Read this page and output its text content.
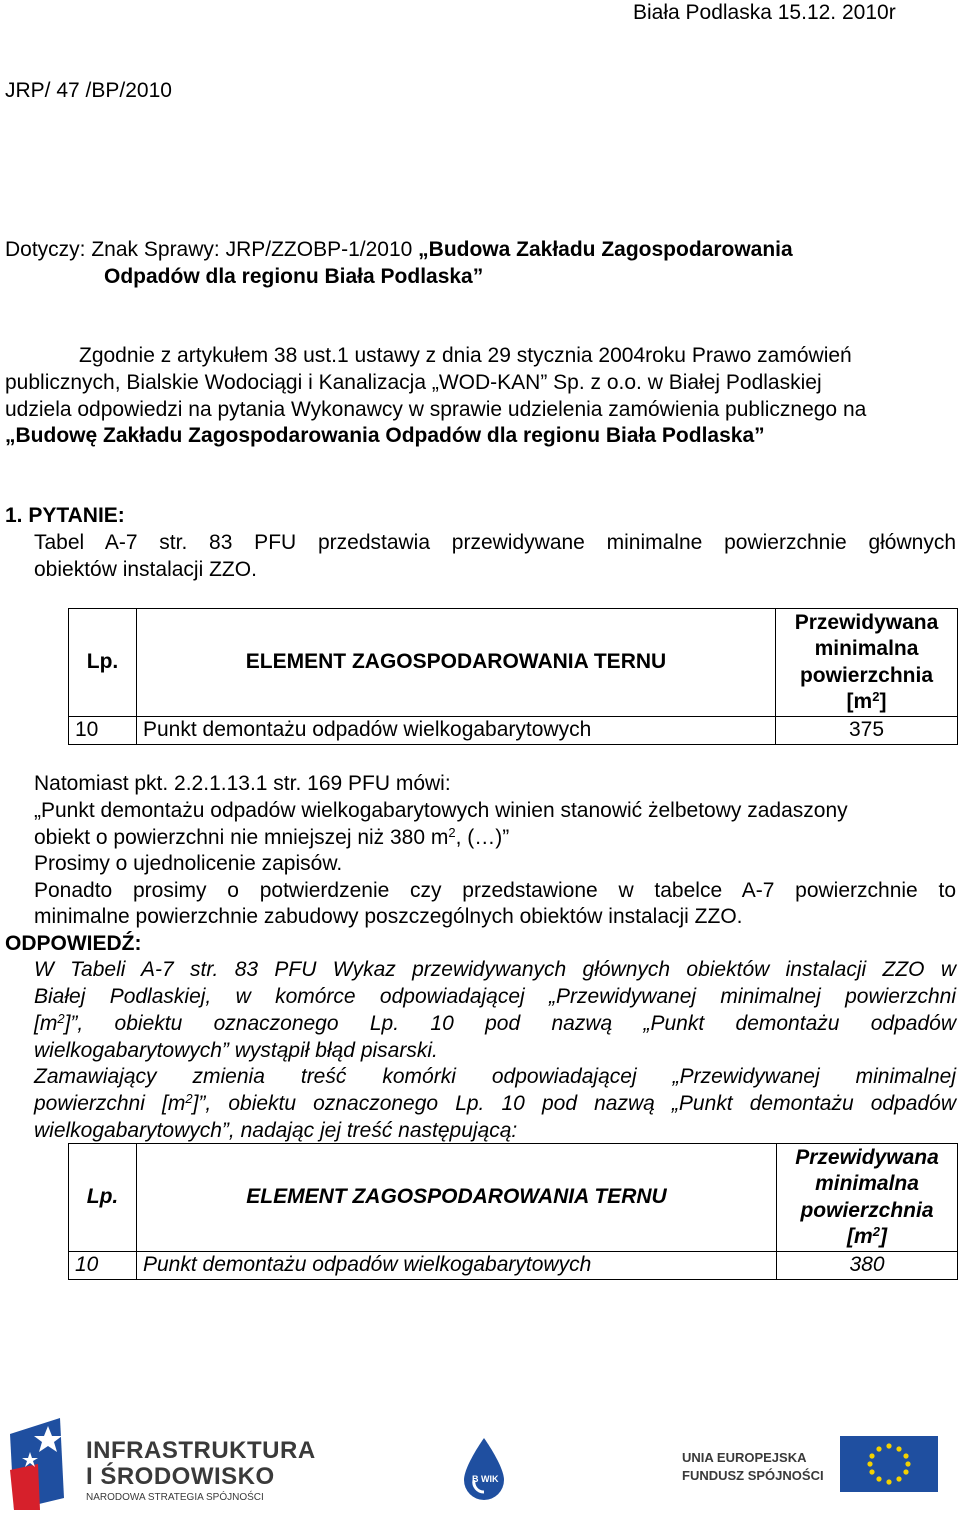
Biała Podlaska 15.12. 2010r
JRP/ 47 /BP/2010
Dotyczy: Znak Sprawy: JRP/ZZOBP-1/2010 „Budowa Zakładu Zagospodarowania
Odpadów dla regionu Biała Podlaska”
Zgodnie z artykułem 38 ust.1 ustawy z dnia 29 stycznia 2004roku Prawo zamówień
publicznych, Bialskie Wodociągi i Kanalizacja „WOD-KAN” Sp. z o.o. w Białej Podlaskiej
udziela odpowiedzi na pytania Wykonawcy w sprawie udzielenia zamówienia publicznego na
„Budowę Zakładu Zagospodarowania Odpadów dla regionu Biała Podlaska”
1. PYTANIE:
Tabel A-7 str. 83 PFU przedstawia przewidywane minimalne powierzchnie głównych
obiektów instalacji ZZO.
Lp.	ELEMENT ZAGOSPODAROWANIA TERNU	Przewidywana
minimalna
powierzchnia
$[m^2]$

10	Punkt demontażu odpadów wielkogabarytowych	375
Natomiast pkt. 2.2.1.13.1 str. 169 PFU mówi:
„Punkt demontażu odpadów wielkogabarytowych winien stanowić żelbetowy zadaszony
obiekt o powierzchni nie mniejszej niż 380 $m^2$, (…)”
Prosimy o ujednolicenie zapisów.
Ponadto prosimy o potwierdzenie czy przedstawione w tabelce A-7 powierzchnie to
minimalne powierzchnie zabudowy poszczególnych obiektów instalacji ZZO.
ODPOWIEDŹ:
W Tabeli A-7 str. 83 PFU Wykaz przewidywanych głównych obiektów instalacji ZZO w
Białej Podlaskiej, w komórce odpowiadającej „Przewidywanej minimalnej powierzchni
$[m^2]$”, obiektu oznaczonego Lp. 10 pod nazwą „Punkt demontażu odpadów
wielkogabarytowych” wystąpił błąd pisarski.
Zamawiający zmienia treść komórki odpowiadającej „Przewidywanej minimalnej
powierzchni $[m^2]$”, obiektu oznaczonego Lp. 10 pod nazwą „Punkt demontażu odpadów
wielkogabarytowych”, nadając jej treść następującą:
Lp.	ELEMENT ZAGOSPODAROWANIA TERNU	Przewidywana
minimalna
powierzchnia
$[m^2]$

10	Punkt demontażu odpadów wielkogabarytowych	380
INFRASTRUKTURA
I ŚRODOWISKO
NARODOWA STRATEGIA SPÓJNOŚCI
B WIK
UNIA EUROPEJSKA
FUNDUSZ SPÓJNOŚCI
